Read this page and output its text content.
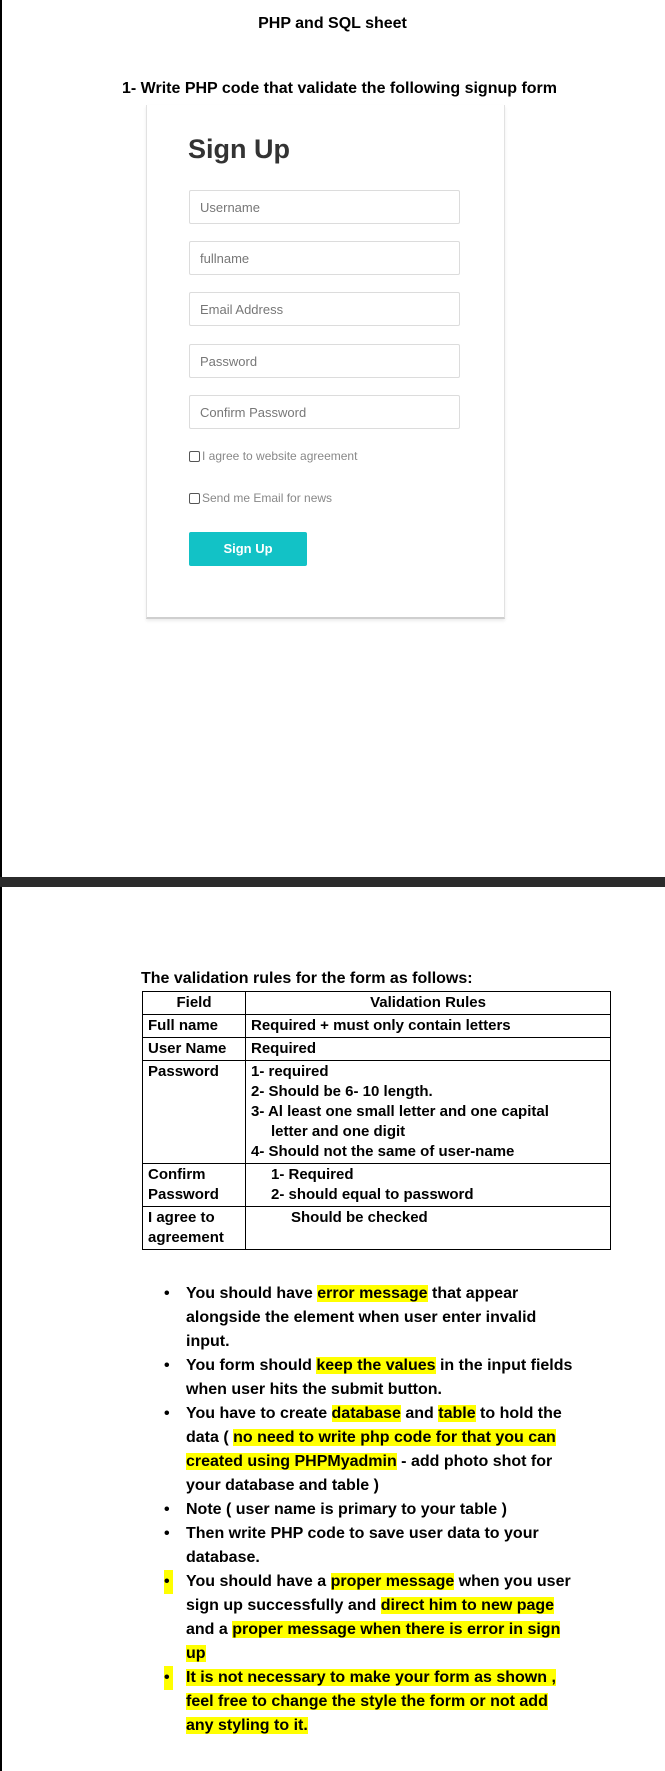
PHP and SQL sheet
1- Write PHP code that validate the following signup form
Sign Up
Username
fullname
Email Address
Password
Confirm Password
I agree to website agreement
Send me Email for news
Sign Up
The validation rules for the form as follows:
Field	Validation Rules
Full name	Required + must only contain letters
User Name	Required
Password	1- required
2- Should be 6- 10 length.
3- Al least one small letter and one capital
letter and one digit
4- Should not the same of user-name

Confirm
Password	1- Required
2- should equal to password

I agree to
agreement	Should be checked
• You should have error message that appear alongside the element when user enter invalid input.
• You form should keep the values in the input fields when user hits the submit button.
• You have to create database and table to hold the data ( no need to write php code for that you can created using PHPMyadmin - add photo shot for your database and table )
• Note ( user name is primary to your table )
• Then write PHP code to save user data to your database.
• You should have a proper message when you user sign up successfully and direct him to new page and a proper message when there is error in sign up
• It is not necessary to make your form as shown , feel free to change the style the form or not add any styling to it.
